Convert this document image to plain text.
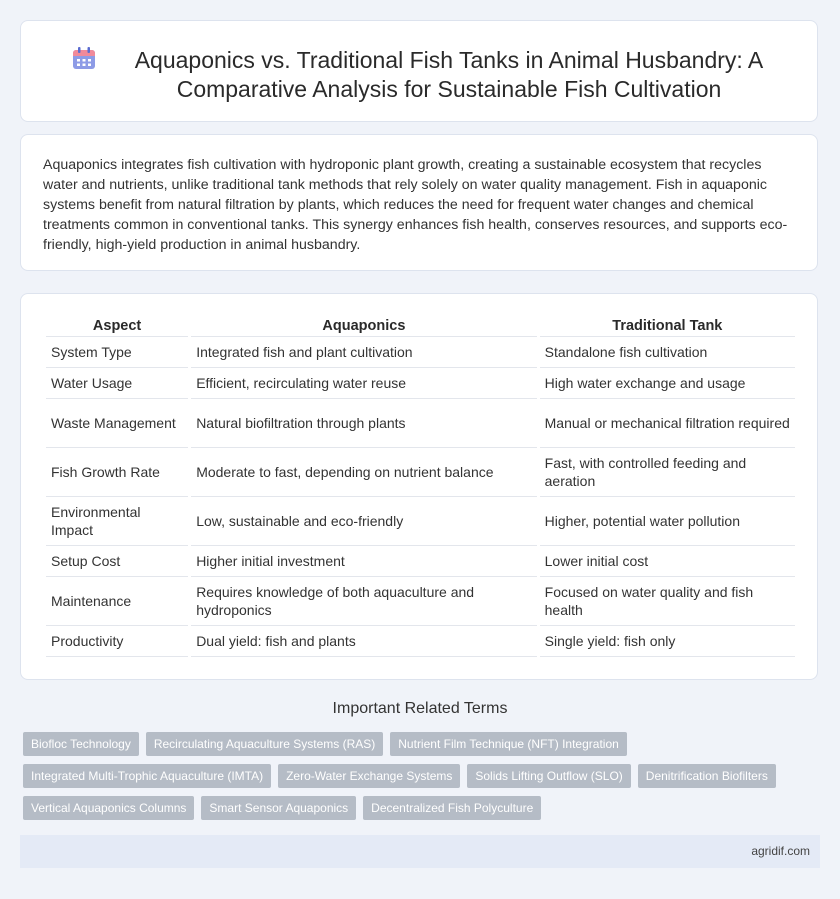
Aquaponics vs. Traditional Fish Tanks in Animal Husbandry: A Comparative Analysis for Sustainable Fish Cultivation

Aquaponics integrates fish cultivation with hydroponic plant growth, creating a sustainable ecosystem that recycles water and nutrients, unlike traditional tank methods that rely solely on water quality management. Fish in aquaponic systems benefit from natural filtration by plants, which reduces the need for frequent water changes and chemical treatments common in conventional tanks. This synergy enhances fish health, conserves resources, and supports eco-friendly, high-yield production in animal husbandry.

Aspect	Aquaponics	Traditional Tank
System Type	Integrated fish and plant cultivation	Standalone fish cultivation
Water Usage	Efficient, recirculating water reuse	High water exchange and usage
Waste Management	Natural biofiltration through plants	Manual or mechanical filtration required
Fish Growth Rate	Moderate to fast, depending on nutrient balance	Fast, with controlled feeding and aeration
Environmental Impact	Low, sustainable and eco-friendly	Higher, potential water pollution
Setup Cost	Higher initial investment	Lower initial cost
Maintenance	Requires knowledge of both aquaculture and hydroponics	Focused on water quality and fish health
Productivity	Dual yield: fish and plants	Single yield: fish only
Important Related Terms
Biofloc Technology	Recirculating Aquaculture Systems (RAS)	Nutrient Film Technique (NFT) Integration
Integrated Multi-Trophic Aquaculture (IMTA)	Zero-Water Exchange Systems	Solids Lifting Outflow (SLO)	Denitrification Biofilters
Vertical Aquaponics Columns	Smart Sensor Aquaponics	Decentralized Fish Polyculture
agridif.com
